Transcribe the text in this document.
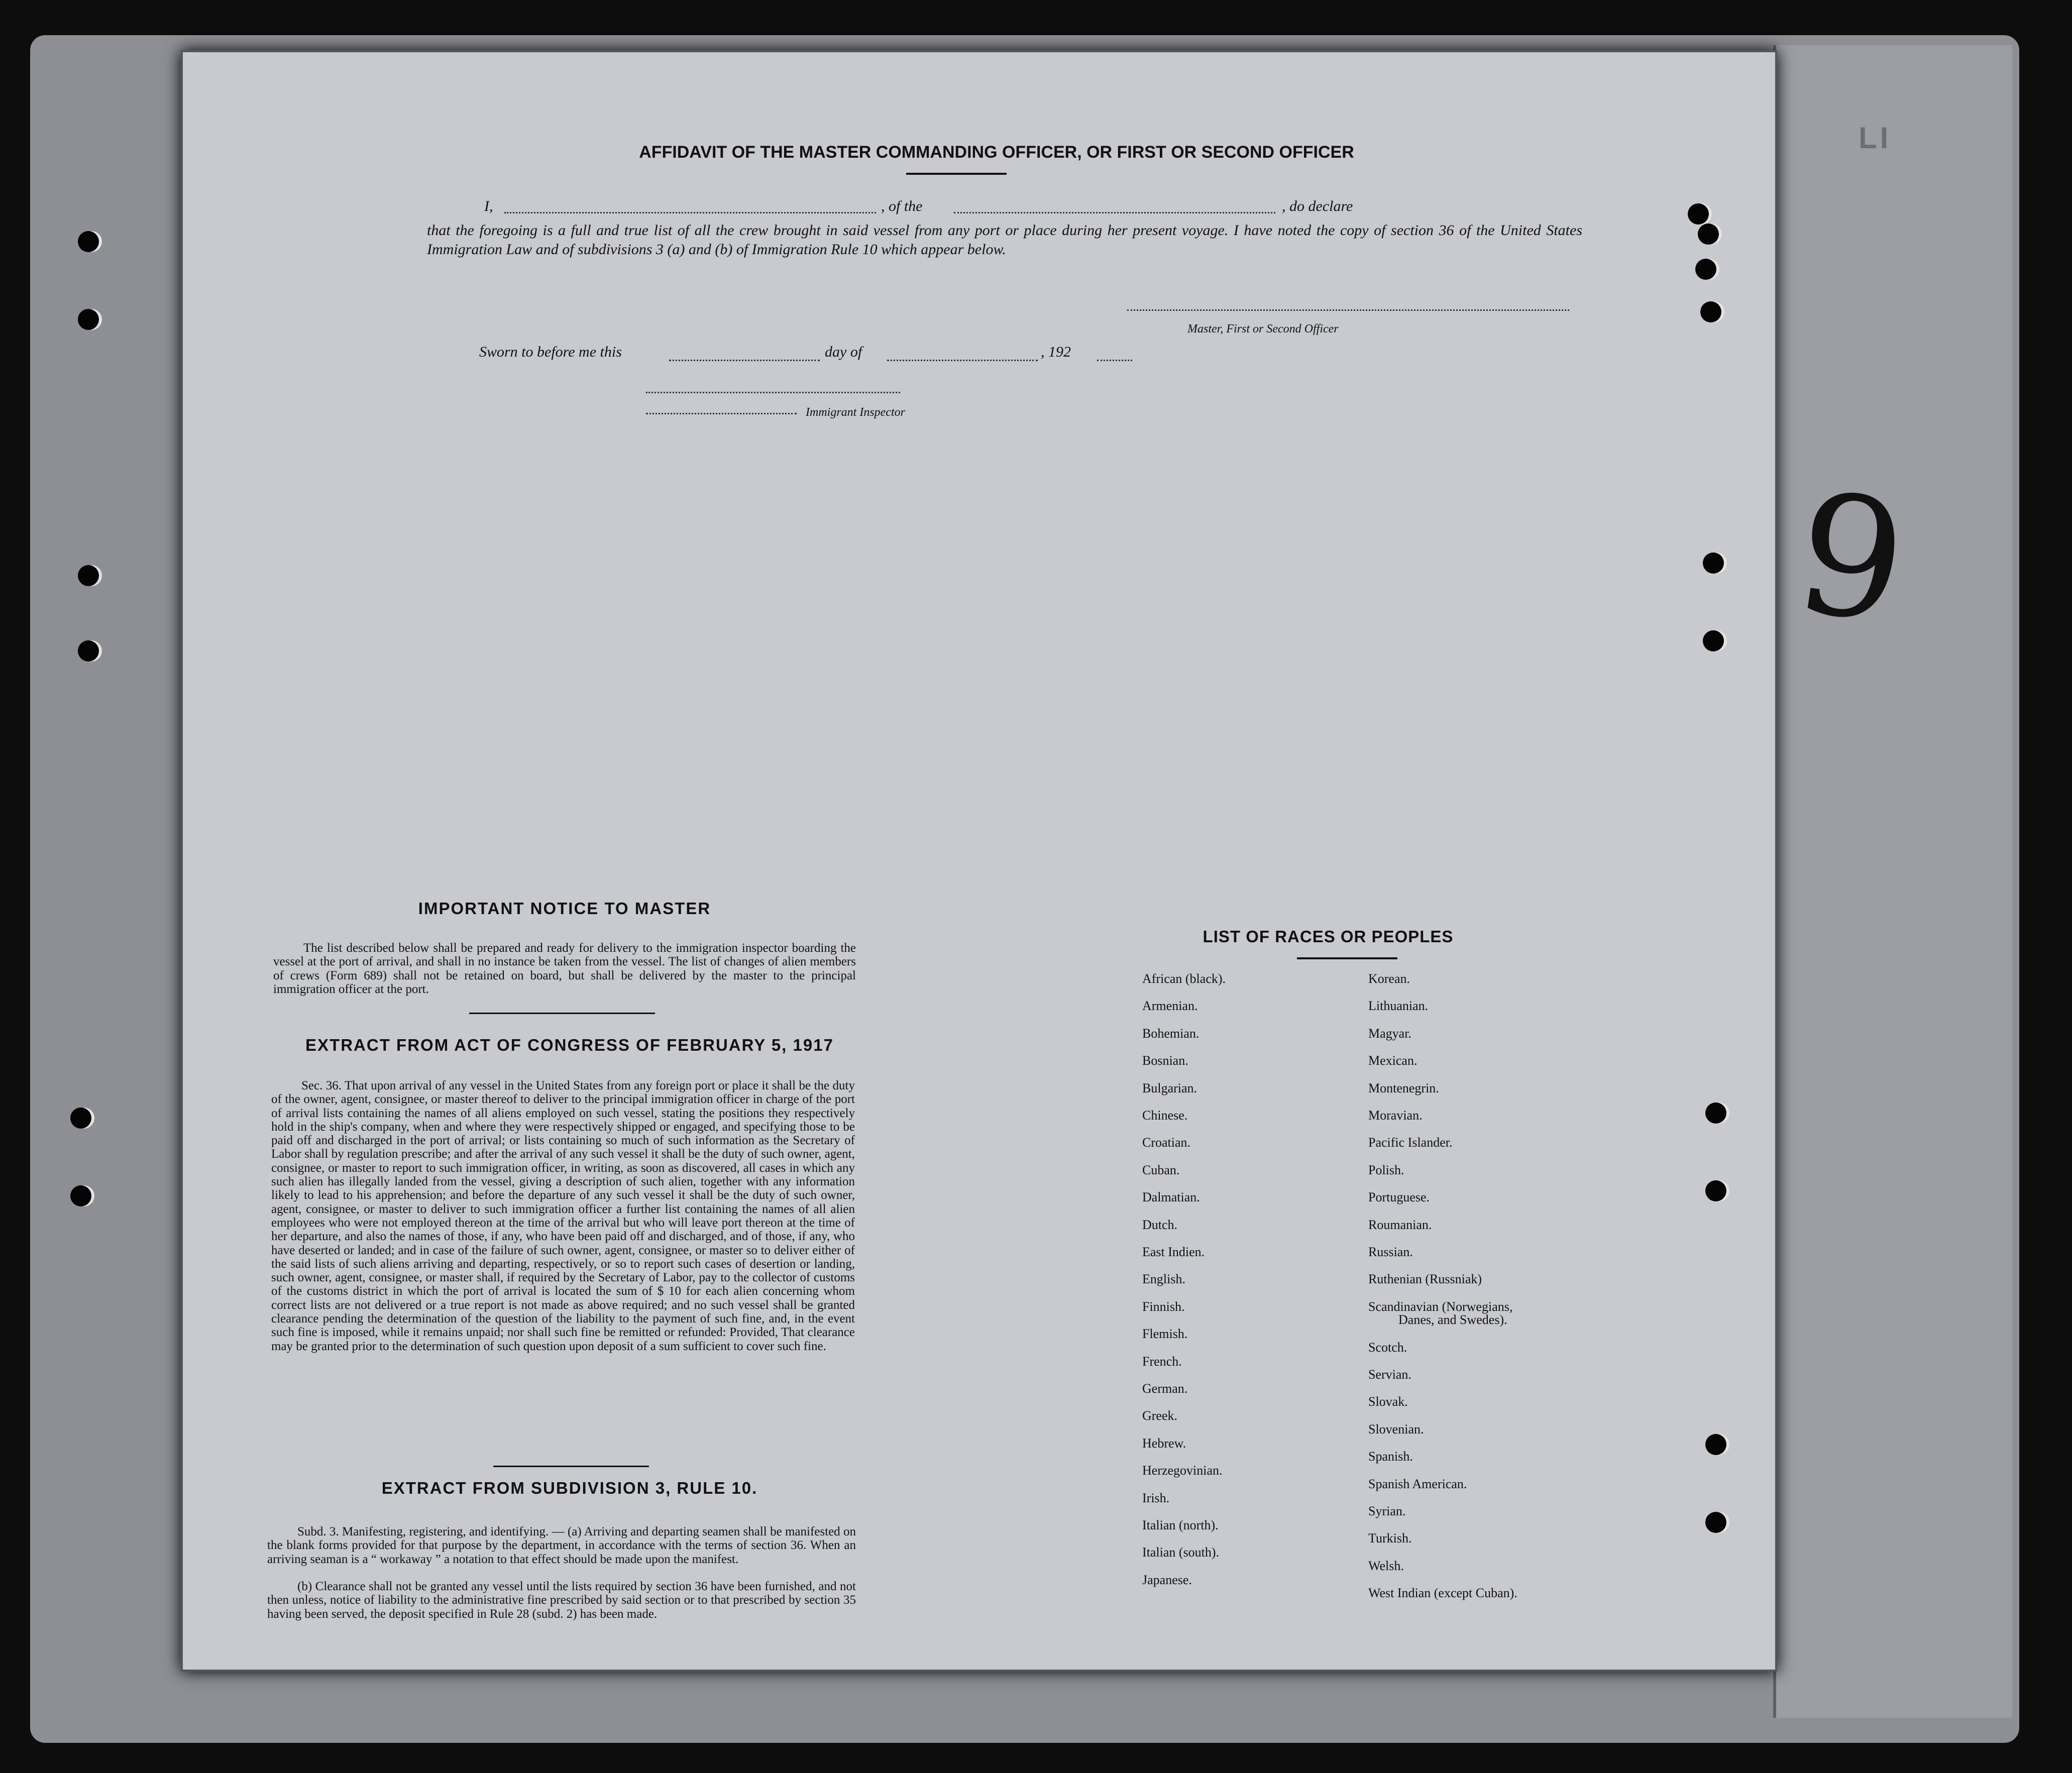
LI
AFFIDAVIT OF THE MASTER COMMANDING OFFICER, OR FIRST OR SECOND OFFICER
I,	, of the	, do declare
that the foregoing is a full and true list of all the crew brought in said vessel from any port or place during her present voyage. I have noted the copy of section 36 of the United States Immigration Law and of subdivisions 3 (a) and (b) of Immigration Rule 10 which appear below.
Master, First or Second Officer
Sworn to before me this	day of	, 192
Immigrant Inspector
IMPORTANT NOTICE TO MASTER
The list described below shall be prepared and ready for delivery to the immigration inspector boarding the vessel at the port of arrival, and shall in no instance be taken from the vessel. The list of changes of alien members of crews (Form 689) shall not be retained on board, but shall be delivered by the master to the principal immigration officer at the port.
EXTRACT FROM ACT OF CONGRESS OF FEBRUARY 5, 1917
Sec. 36. That upon arrival of any vessel in the United States from any foreign port or place it shall be the duty of the owner, agent, consignee, or master thereof to deliver to the principal immigration officer in charge of the port of arrival lists containing the names of all aliens employed on such vessel, stating the positions they respectively hold in the ship's company, when and where they were respectively shipped or engaged, and specifying those to be paid off and discharged in the port of arrival; or lists containing so much of such information as the Secretary of Labor shall by regulation prescribe; and after the arrival of any such vessel it shall be the duty of such owner, agent, consignee, or master to report to such immigration officer, in writing, as soon as discovered, all cases in which any such alien has illegally landed from the vessel, giving a description of such alien, together with any information likely to lead to his apprehension; and before the departure of any such vessel it shall be the duty of such owner, agent, consignee, or master to deliver to such immigration officer a further list containing the names of all alien employees who were not employed thereon at the time of the arrival but who will leave port thereon at the time of her departure, and also the names of those, if any, who have been paid off and discharged, and of those, if any, who have deserted or landed; and in case of the failure of such owner, agent, consignee, or master so to deliver either of the said lists of such aliens arriving and departing, respectively, or so to report such cases of desertion or landing, such owner, agent, consignee, or master shall, if required by the Secretary of Labor, pay to the collector of customs of the customs district in which the port of arrival is located the sum of $ 10 for each alien concerning whom correct lists are not delivered or a true report is not made as above required; and no such vessel shall be granted clearance pending the determination of the question of the liability to the payment of such fine, and, in the event such fine is imposed, while it remains unpaid; nor shall such fine be remitted or refunded: Provided, That clearance may be granted prior to the determination of such question upon deposit of a sum sufficient to cover such fine.
EXTRACT FROM SUBDIVISION 3, RULE 10.
Subd. 3. Manifesting, registering, and identifying. — (a) Arriving and departing seamen shall be manifested on the blank forms provided for that purpose by the department, in accordance with the terms of section 36. When an arriving seaman is a “ workaway ” a notation to that effect should be made upon the manifest.
(b) Clearance shall not be granted any vessel until the lists required by section 36 have been furnished, and not then unless, notice of liability to the administrative fine prescribed by said section or to that prescribed by section 35 having been served, the deposit specified in Rule 28 (subd. 2) has been made.
LIST OF RACES OR PEOPLES
African (black).
Armenian.
Bohemian.
Bosnian.
Bulgarian.
Chinese.
Croatian.
Cuban.
Dalmatian.
Dutch.
East Indien.
English.
Finnish.
Flemish.
French.
German.
Greek.
Hebrew.
Herzegovinian.
Irish.
Italian (north).
Italian (south).
Japanese.
Korean.
Lithuanian.
Magyar.
Mexican.
Montenegrin.
Moravian.
Pacific Islander.
Polish.
Portuguese.
Roumanian.
Russian.
Ruthenian (Russniak)
Scandinavian (Norwegians,
Danes, and Swedes).
Scotch.
Servian.
Slovak.
Slovenian.
Spanish.
Spanish American.
Syrian.
Turkish.
Welsh.
West Indian (except Cuban).
9
